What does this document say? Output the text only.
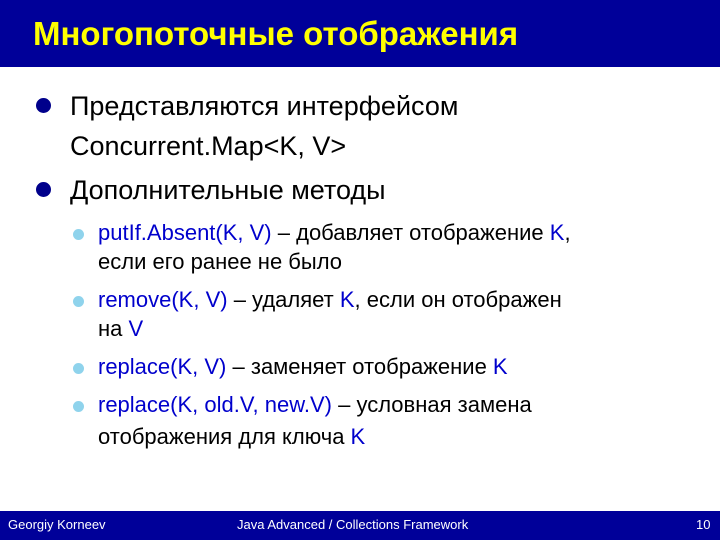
Многопоточные отображения
Представляются интерфейсом
Concurrent.Map<K, V>
Дополнительные методы
putIf.Absent(K, V) – добавляет отображение K,
если его ранее не было
remove(K, V) – удаляет K, если он отображен
на V
replace(K, V) – заменяет отображение K
replace(K, old.V, new.V) – условная замена
отображения для ключа K
Georgiy Korneev	Java Advanced / Collections Framework	10
